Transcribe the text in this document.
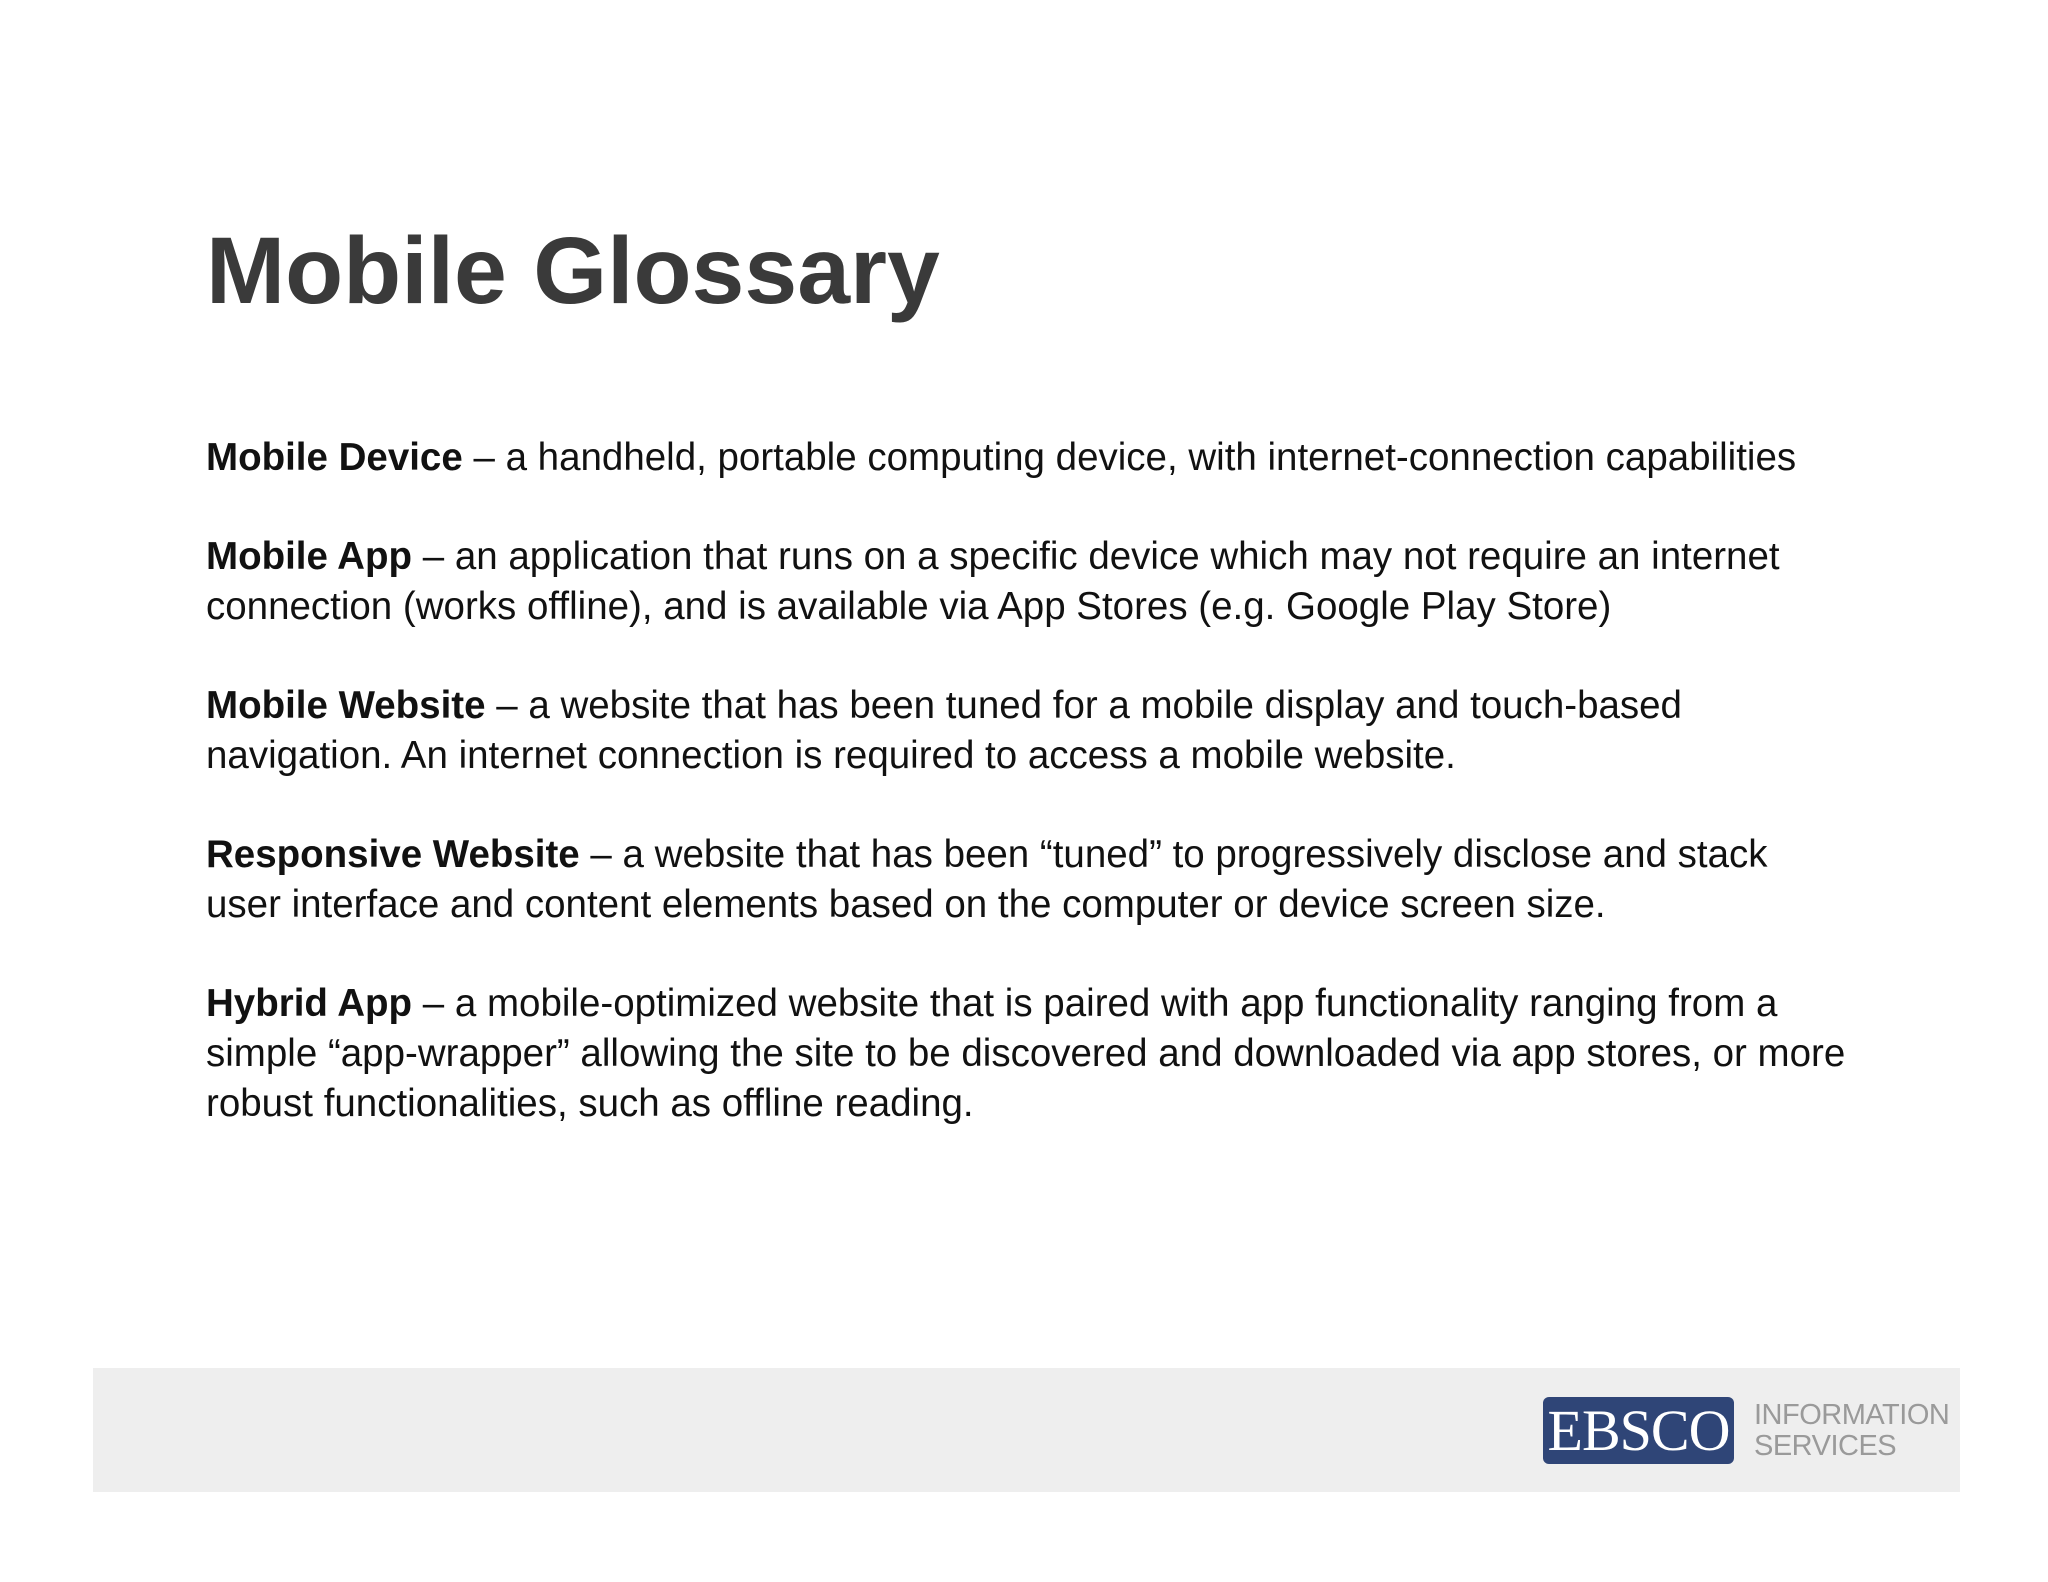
Mobile Glossary
Mobile Device – a handheld, portable computing device, with internet-connection capabilities
Mobile App – an application that runs on a specific device which may not require an internet connection (works offline), and is available via App Stores (e.g. Google Play Store)
Mobile Website – a website that has been tuned for a mobile display and touch-based navigation. An internet connection is required to access a mobile website.
Responsive Website – a website that has been “tuned” to progressively disclose and stack user interface and content elements based on the computer or device screen size.
Hybrid App – a mobile-optimized website that is paired with app functionality ranging from a simple “app-wrapper” allowing the site to be discovered and downloaded via app stores, or more robust functionalities, such as offline reading.
EBSCO INFORMATION
SERVICES
